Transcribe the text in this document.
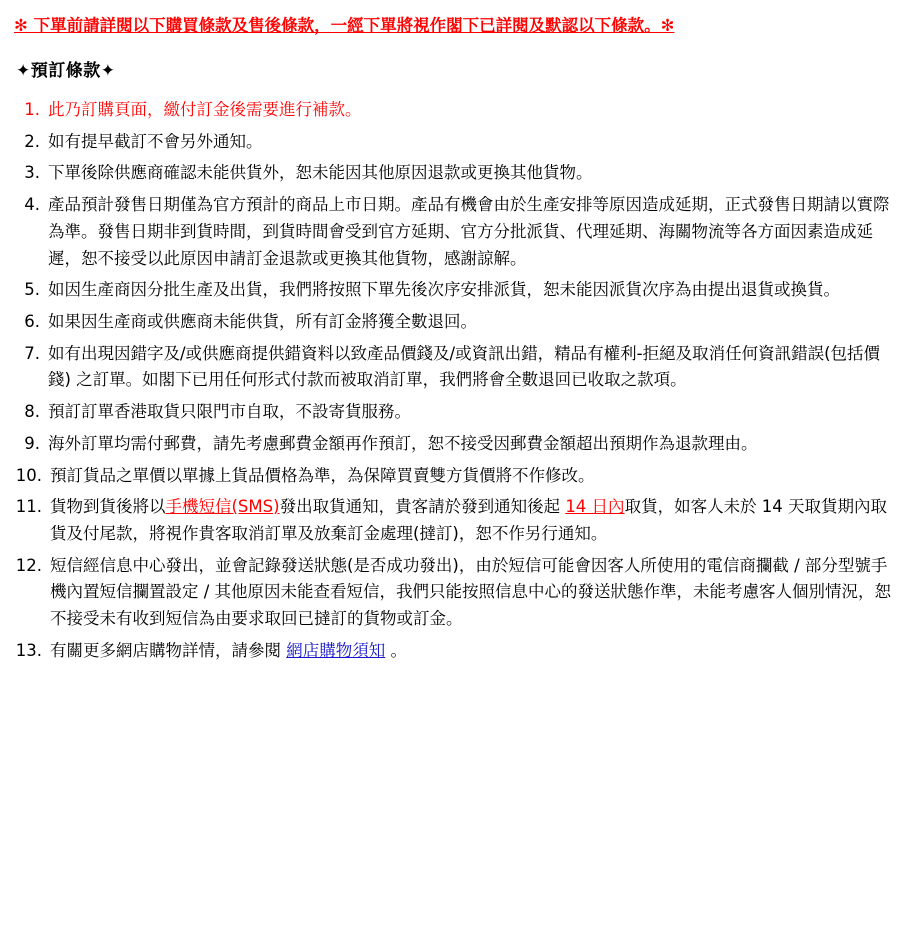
✻ 下單前請詳閱以下購買條款及售後條款，一經下單將視作閣下已詳閱及默認以下條款。✻
✦預訂條款✦
1. 此乃訂購頁面，繳付訂金後需要進行補款。
2. 如有提早截訂不會另外通知。
3. 下單後除供應商確認未能供貨外，恕未能因其他原因退款或更換其他貨物。
4. 產品預計發售日期僅為官方預計的商品上市日期。產品有機會由於生產安排等原因造成延期，正式發售日期請以實際為準。發售日期非到貨時間，到貨時間會受到官方延期、官方分批派貨、代理延期、海關物流等各方面因素造成延遲，恕不接受以此原因申請訂金退款或更換其他貨物，感謝諒解。
5. 如因生產商因分批生產及出貨，我們將按照下單先後次序安排派貨，恕未能因派貨次序為由提出退貨或換貨。
6. 如果因生產商或供應商未能供貨，所有訂金將獲全數退回。
7. 如有出現因錯字及/或供應商提供錯資料以致產品價錢及/或資訊出錯，精品有權利-拒絕及取消任何資訊錯誤(包括價錢) 之訂單。如閣下已用任何形式付款而被取消訂單，我們將會全數退回已收取之款項。
8. 預訂訂單香港取貨只限門市自取，不設寄貨服務。
9. 海外訂單均需付郵費，請先考慮郵費金額再作預訂，恕不接受因郵費金額超出預期作為退款理由。
10. 預訂貨品之單價以單據上貨品價格為準，為保障買賣雙方貨價將不作修改。
11. 貨物到貨後將以手機短信(SMS)發出取貨通知，貴客請於發到通知後起 14 日內取貨，如客人未於 14 天取貨期內取貨及付尾款，將視作貴客取消訂單及放棄訂金處理(撻訂)，恕不作另行通知。
12. 短信經信息中心發出，並會記錄發送狀態(是否成功發出)，由於短信可能會因客人所使用的電信商攔截 / 部分型號手機內置短信攔置設定 / 其他原因未能查看短信，我們只能按照信息中心的發送狀態作準，未能考慮客人個別情況，恕不接受未有收到短信為由要求取回已撻訂的貨物或訂金。
13. 有關更多網店購物詳情，請參閱 網店購物須知 。
